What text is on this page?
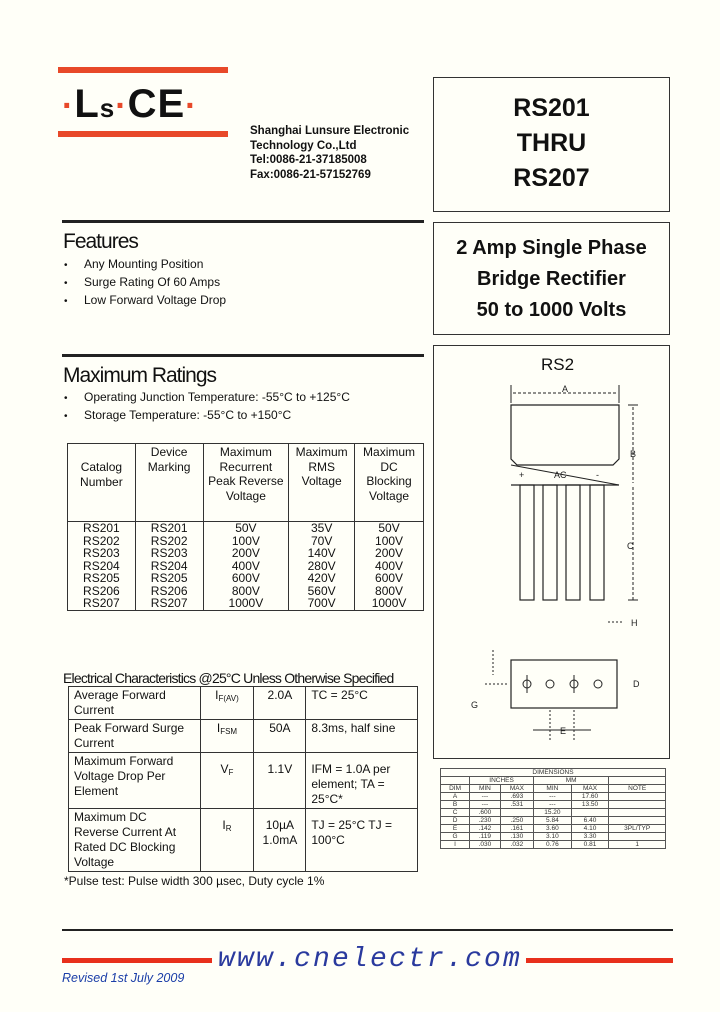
·Ls·CE·
Shanghai Lunsure Electronic
Technology Co.,Ltd
Tel:0086-21-37185008
Fax:0086-21-57152769
RS201
THRU
RS207
2 Amp Single Phase
Bridge Rectifier
50 to 1000 Volts
Features
• Any Mounting Position
• Surge Rating Of 60 Amps
• Low Forward Voltage Drop
Maximum Ratings
• Operating Junction Temperature: -55°C to +125°C
• Storage Temperature: -55°C to +150°C
Catalog Number	Device Marking	Maximum Recurrent Peak Reverse Voltage	Maximum RMS Voltage	Maximum DC Blocking Voltage
RS201	RS201	50V	35V	50V
RS202	RS202	100V	70V	100V
RS203	RS203	200V	140V	200V
RS204	RS204	400V	280V	400V
RS205	RS205	600V	420V	600V
RS206	RS206	800V	560V	800V
RS207	RS207	1000V	700V	1000V
Electrical Characteristics @25°C Unless Otherwise Specified
Average Forward Current	$I_{F(AV)}$	2.0A	TC = 25°C
Peak Forward Surge Current	$I_{FSM}$	50A	8.3ms, half sine
Maximum Forward Voltage Drop Per Element	$V_F$	1.1V	IFM = 1.0A per element; TA = 25°C*
Maximum DC Reverse Current At Rated DC Blocking Voltage	$I_R$	10µA 1.0mA	TJ = 25°C TJ = 100°C
*Pulse test: Pulse width 300 µsec, Duty cycle 1%
RS2
A
B
C
H
D
G
E
+	AC	-
DIMENSIONS					
	INCHES		MM		
DIM	MIN	MAX	MIN	MAX	NOTE
A	---	.693	---	17.60	
B	---	.531	---	13.50	
C	.600		15.20		
D	.230	.250	5.84	6.40	
E	.142	.161	3.60	4.10	3PL/TYP
G	.119	.130	3.10	3.30	
I	.030	.032	0.76	0.81	1
www.cnelectr.com
Revised 1st July 2009
